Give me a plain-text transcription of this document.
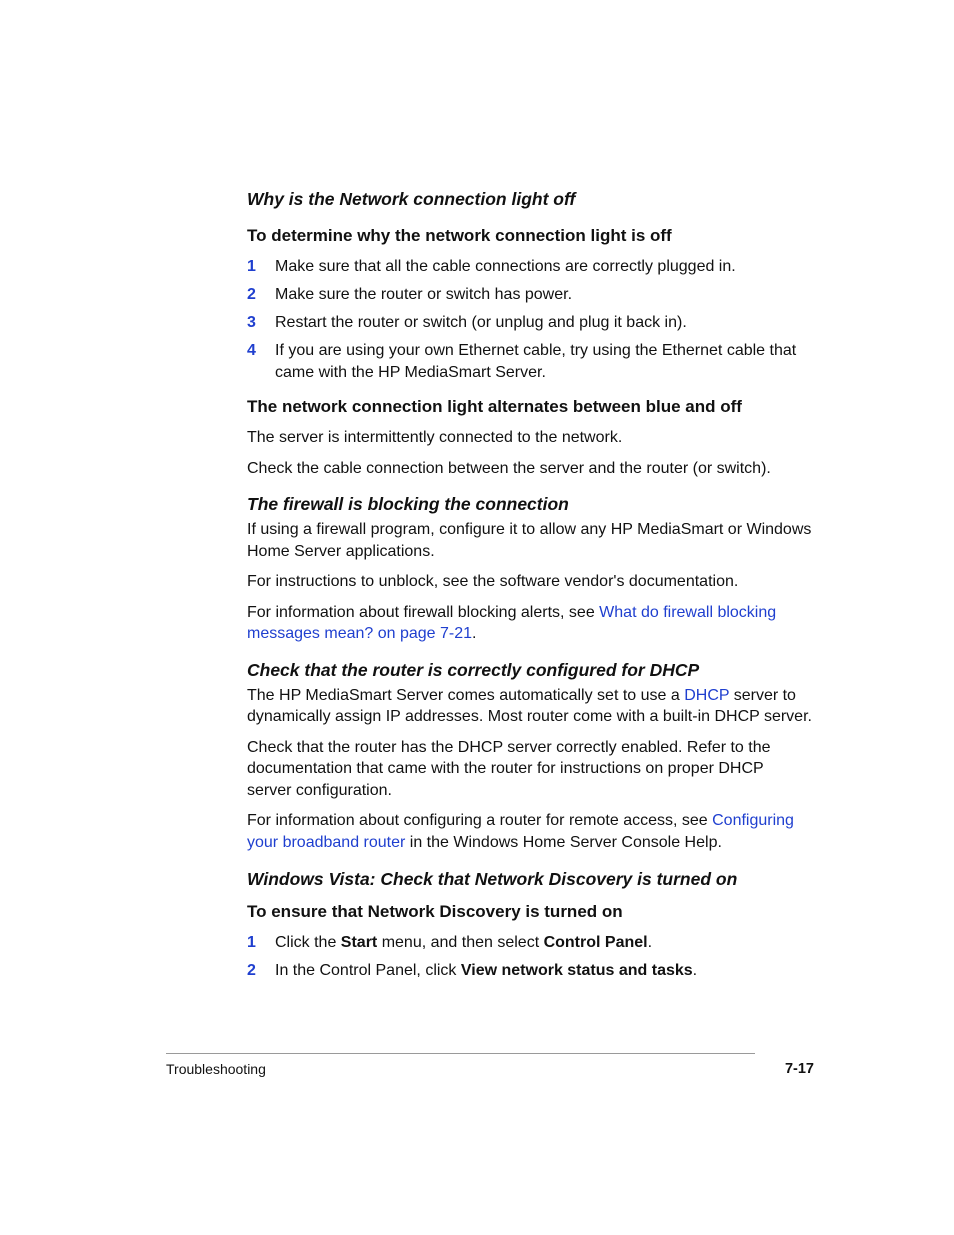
Why is the Network connection light off
To determine why the network connection light is off
1	Make sure that all the cable connections are correctly plugged in.
2	Make sure the router or switch has power.
3	Restart the router or switch (or unplug and plug it back in).
4	If you are using your own Ethernet cable, try using the Ethernet cable that came with the HP MediaSmart Server.
The network connection light alternates between blue and off

The server is intermittently connected to the network.

Check the cable connection between the server and the router (or switch).

The firewall is blocking the connection

If using a firewall program, configure it to allow any HP MediaSmart or Windows Home Server applications.

For instructions to unblock, see the software vendor's documentation.

For information about firewall blocking alerts, see What do firewall blocking messages mean? on page 7-21.

Check that the router is correctly configured for DHCP

The HP MediaSmart Server comes automatically set to use a DHCP server to dynamically assign IP addresses. Most router come with a built-in DHCP server.

Check that the router has the DHCP server correctly enabled. Refer to the documentation that came with the router for instructions on proper DHCP server configuration.

For information about configuring a router for remote access, see Configuring your broadband router in the Windows Home Server Console Help.

Windows Vista: Check that Network Discovery is turned on
To ensure that Network Discovery is turned on
1	Click the Start menu, and then select Control Panel.
2	In the Control Panel, click View network status and tasks.
Troubleshooting	7-17
